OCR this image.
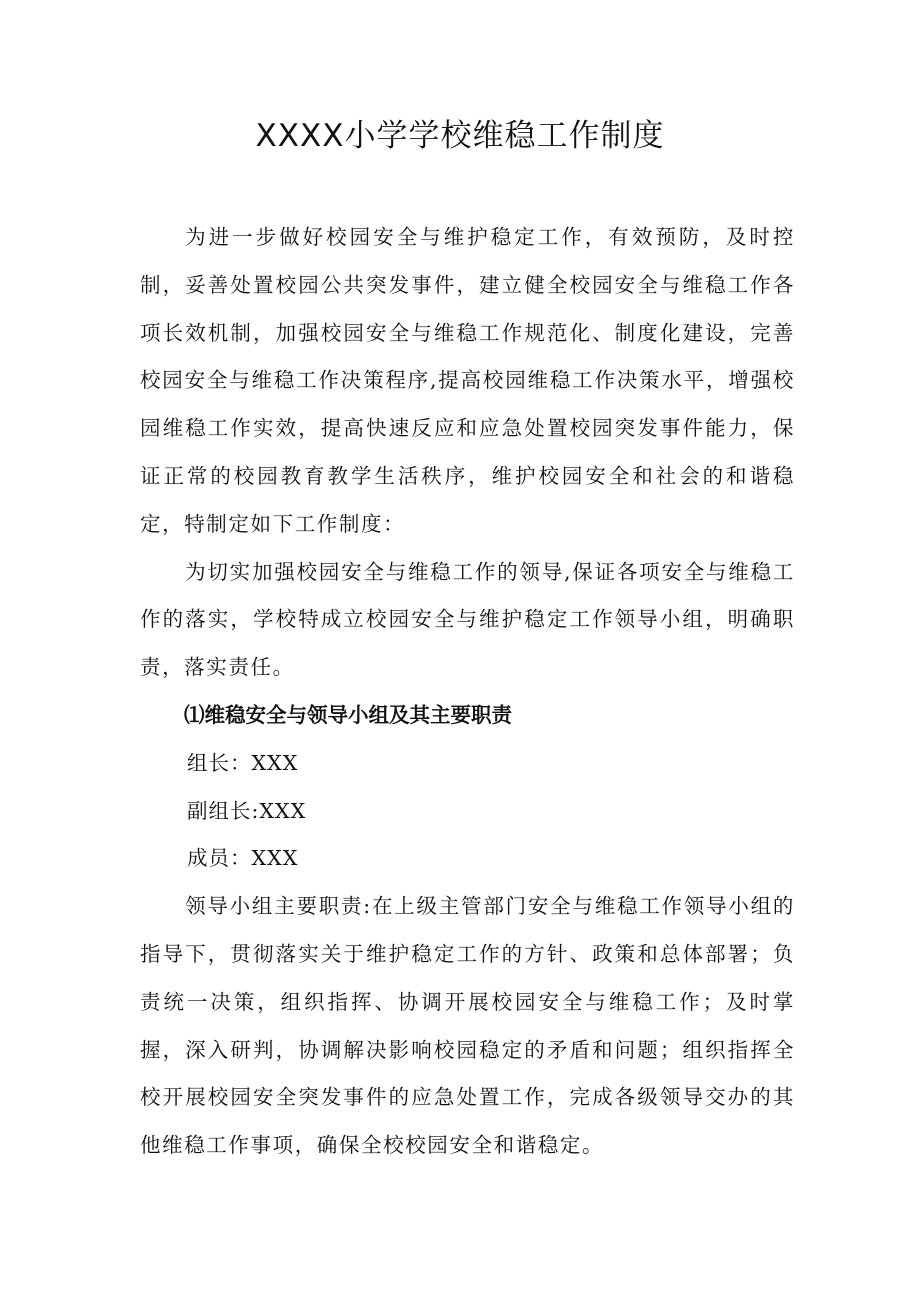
XXXX小学学校维稳工作制度

为进一步做好校园安全与维护稳定工作，有效预防，及时控制，妥善处置校园公共突发事件，建立健全校园安全与维稳工作各项长效机制，加强校园安全与维稳工作规范化、制度化建设，完善校园安全与维稳工作决策程序,提高校园维稳工作决策水平，增强校园维稳工作实效，提高快速反应和应急处置校园突发事件能力，保证正常的校园教育教学生活秩序，维护校园安全和社会的和谐稳定，特制定如下工作制度：

为切实加强校园安全与维稳工作的领导,保证各项安全与维稳工作的落实，学校特成立校园安全与维护稳定工作领导小组，明确职责，落实责任。

⑴维稳安全与领导小组及其主要职责

组长：XXX

副组长:XXX

成员：XXX

领导小组主要职责:在上级主管部门安全与维稳工作领导小组的指导下，贯彻落实关于维护稳定工作的方针、政策和总体部署；负责统一决策，组织指挥、协调开展校园安全与维稳工作；及时掌握，深入研判，协调解决影响校园稳定的矛盾和问题；组织指挥全校开展校园安全突发事件的应急处置工作，完成各级领导交办的其他维稳工作事项，确保全校校园安全和谐稳定。
